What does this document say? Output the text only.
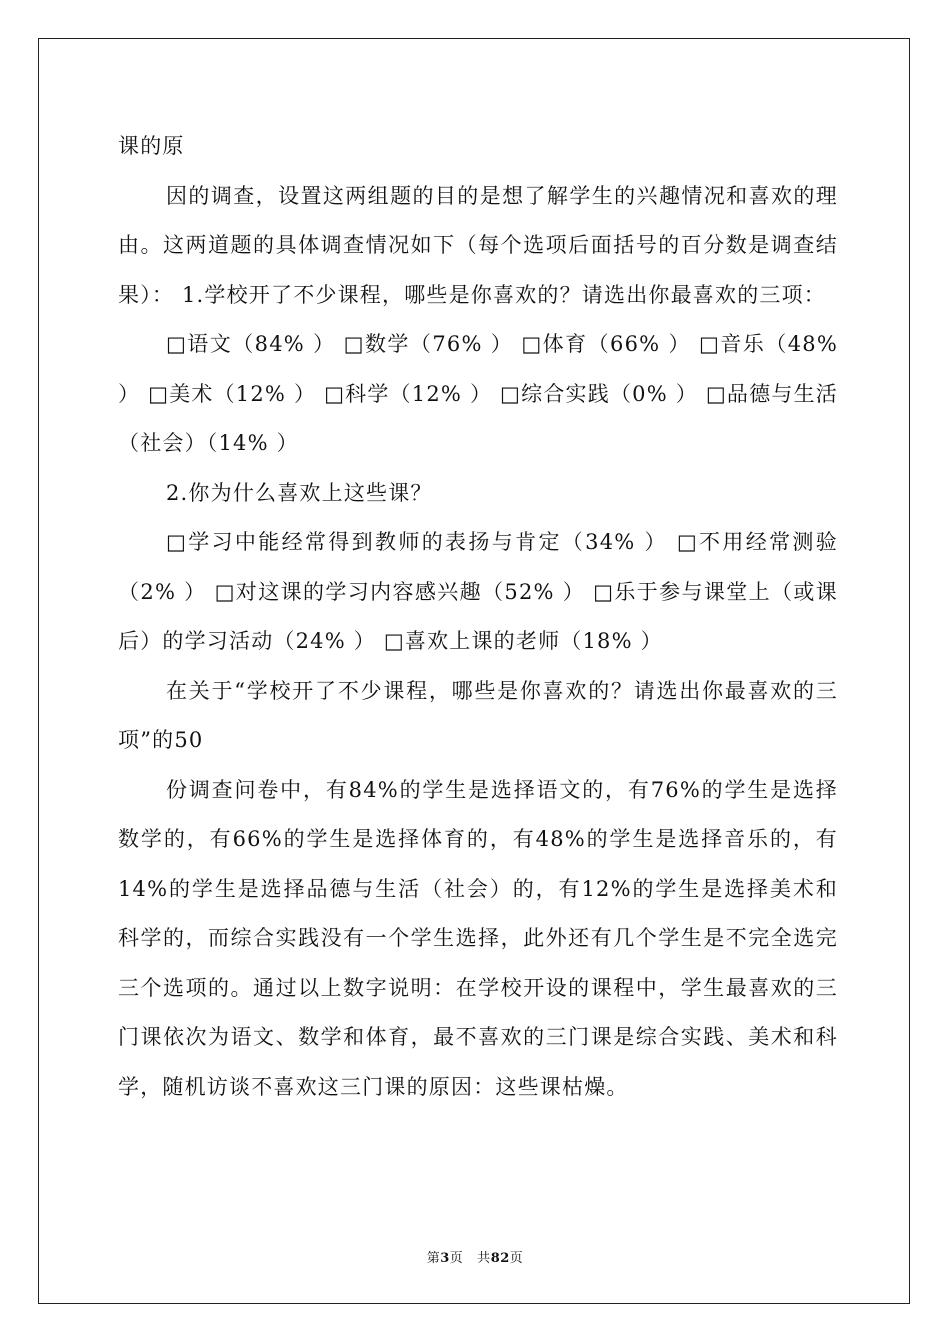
课的原

因的调查，设置这两组题的目的是想了解学生的兴趣情况和喜欢的理由。这两道题的具体调查情况如下（每个选项后面括号的百分数是调查结果）： 1.学校开了不少课程，哪些是你喜欢的？请选出你最喜欢的三项：

□语文（84% ） □数学（76% ） □体育（66% ） □音乐（48% ） □美术（12% ） □科学（12% ） □综合实践（0% ） □品德与生活（社会）（14% ）

2.你为什么喜欢上这些课？

□学习中能经常得到教师的表扬与肯定（34% ） □不用经常测验（2% ） □对这课的学习内容感兴趣（52% ） □乐于参与课堂上（或课后）的学习活动（24% ） □喜欢上课的老师（18% ）

在关于“学校开了不少课程，哪些是你喜欢的？请选出你最喜欢的三项”的50

份调查问卷中，有84%的学生是选择语文的，有76%的学生是选择数学的，有66%的学生是选择体育的，有48%的学生是选择音乐的，有14%的学生是选择品德与生活（社会）的，有12%的学生是选择美术和科学的，而综合实践没有一个学生选择，此外还有几个学生是不完全选完三个选项的。通过以上数字说明：在学校开设的课程中，学生最喜欢的三门课依次为语文、数学和体育，最不喜欢的三门课是综合实践、美术和科学，随机访谈不喜欢这三门课的原因：这些课枯燥。

第3页 共82页
